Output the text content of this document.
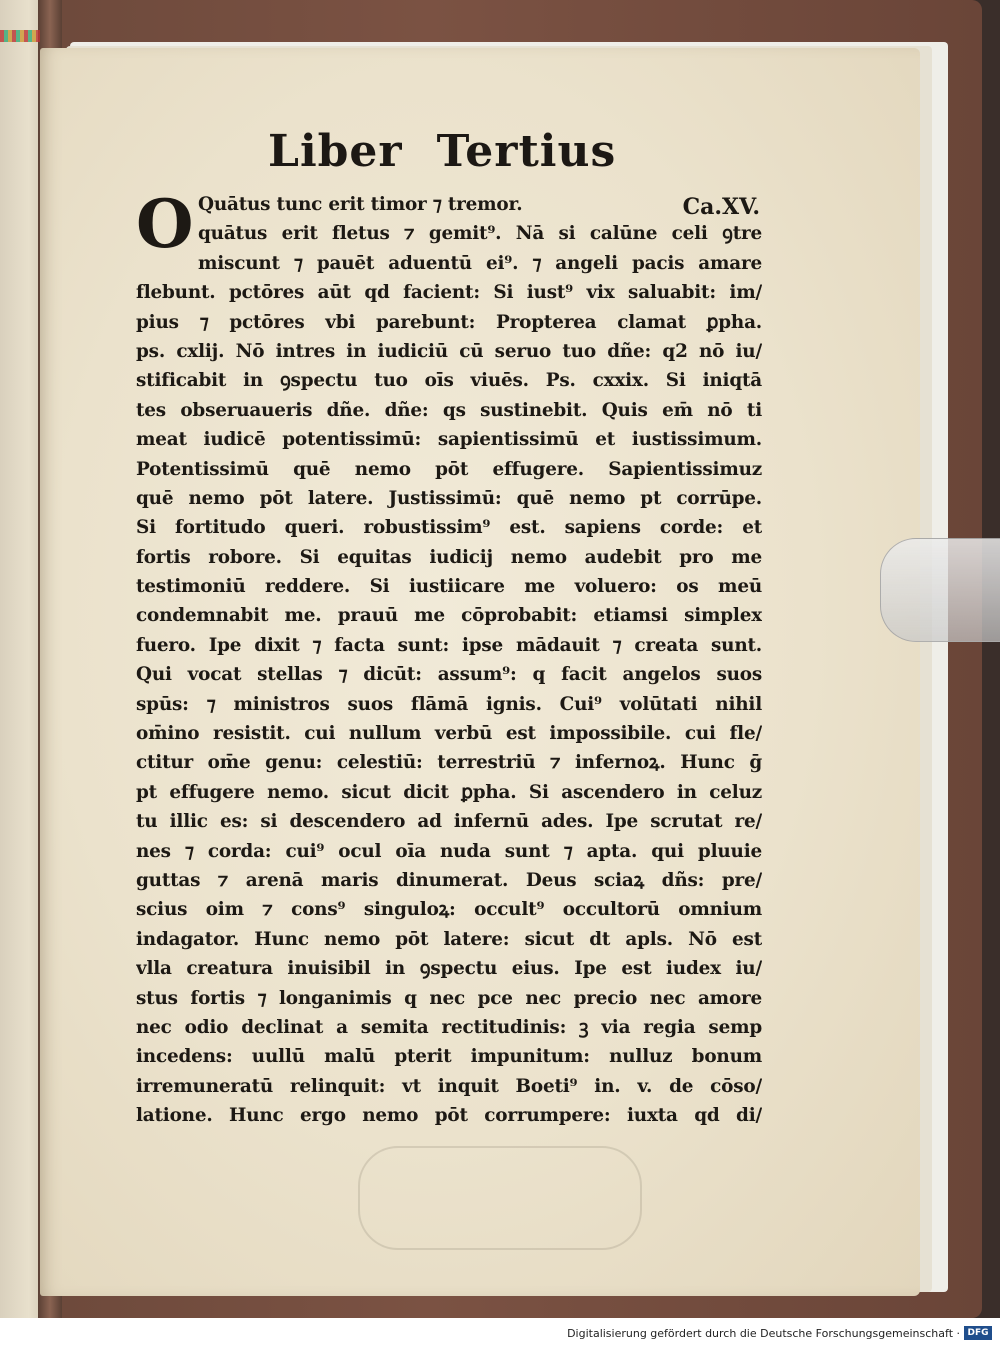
Liber Tertius
O	Ca.XV.
Quātus tunc erit timor ⁊ tremor.
quātus erit fletus ⁊ gemit⁹. Nā si calūne celi ꝯtre
miscunt ⁊ pauēt aduentū ei⁹. ⁊ angeli pacis amare
flebunt. pctōres aūt qd facient: Si iust⁹ vix saluabit: im/
pius ⁊ pctōres vbi parebunt: Propterea clamat ꝑpha.
ps. cxlij. Nō intres in iudiciū cū seruo tuo dñe: q2 nō iu/
stificabit in ꝯspectu tuo oīs viuēs. Ps. cxxix. Si iniqtā
tes obseruaueris dñe. dñe: qs sustinebit. Quis em̄ nō ti
meat iudicē potentissimū: sapientissimū et iustissimum.
Potentissimū quē nemo pōt effugere. Sapientissimuz
quē nemo pōt latere. Justissimū: quē nemo pt corrūpe.
Si fortitudo queri. robustissim⁹ est. sapiens corde: et
fortis robore. Si equitas iudicij nemo audebit pro me
testimoniū reddere. Si iustiicare me voluero: os meū
condemnabit me. prauū me cōprobabit: etiamsi simplex
fuero. Ipe dixit ⁊ facta sunt: ipse mādauit ⁊ creata sunt.
Qui vocat stellas ⁊ dicūt: assum⁹: q facit angelos suos
spūs: ⁊ ministros suos flāmā ignis. Cui⁹ volūtati nihil
om̄ino resistit. cui nullum verbū est impossibile. cui fle/
ctitur om̄e genu: celestiū: terrestriū ⁊ infernoꝝ. Hunc ḡ
pt effugere nemo. sicut dicit ꝑpha. Si ascendero in celuz
tu illic es: si descendero ad infernū ades. Ipe scrutat re/
nes ⁊ corda: cui⁹ ocul oīa nuda sunt ⁊ apta. qui pluuie
guttas ⁊ arenā maris dinumerat. Deus sciaꝝ dñs: pre/
scius oim ⁊ cons⁹ singuloꝝ: occult⁹ occultorū omnium
indagator. Hunc nemo pōt latere: sicut dt apls. Nō est
vlla creatura inuisibil in ꝯspectu eius. Ipe est iudex iu/
stus fortis ⁊ longanimis q nec pce nec precio nec amore
nec odio declinat a semita rectitudinis: ꝫ via regia semp
incedens: uullū malū pterit impunitum: nulluz bonum
irremuneratū relinquit: vt inquit Boeti⁹ in. v. de cōso/
latione. Hunc ergo nemo pōt corrumpere: iuxta qd di/
Digitalisierung gefördert durch die Deutsche Forschungsgemeinschaft · DFG
